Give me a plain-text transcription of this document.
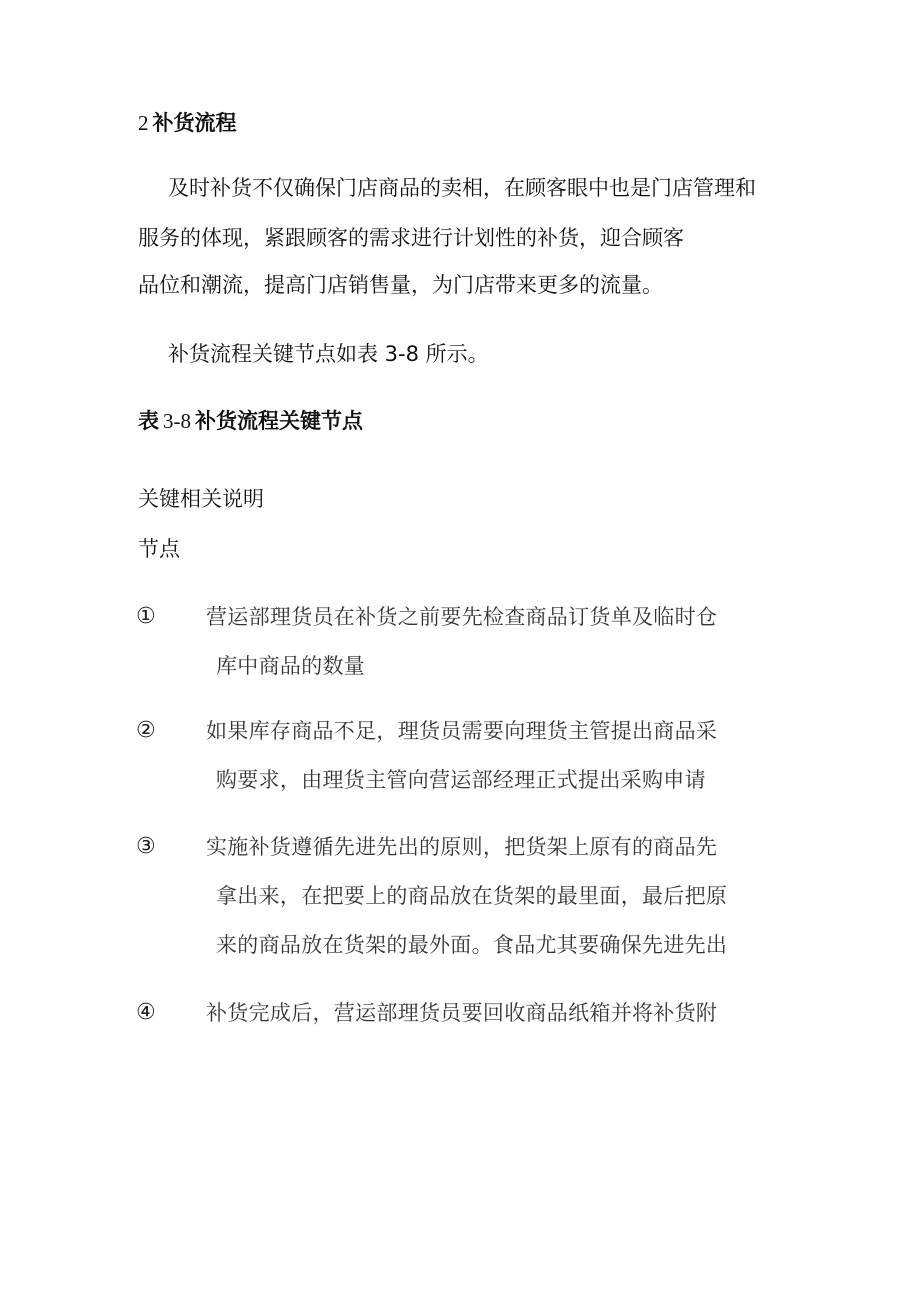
2 补货流程
及时补货不仅确保门店商品的卖相，在顾客眼中也是门店管理和
服务的体现，紧跟顾客的需求进行计划性的补货，迎合顾客
品位和潮流，提高门店销售量，为门店带来更多的流量。
补货流程关键节点如表 3-8 所示。
表 3-8 补货流程关键节点
关键相关说明
节点
① 营运部理货员在补货之前要先检查商品订货单及临时仓
库中商品的数量
② 如果库存商品不足，理货员需要向理货主管提出商品采
购要求，由理货主管向营运部经理正式提出采购申请
③ 实施补货遵循先进先出的原则，把货架上原有的商品先
拿出来，在把要上的商品放在货架的最里面，最后把原
来的商品放在货架的最外面。食品尤其要确保先进先出
④ 补货完成后，营运部理货员要回收商品纸箱并将补货附
